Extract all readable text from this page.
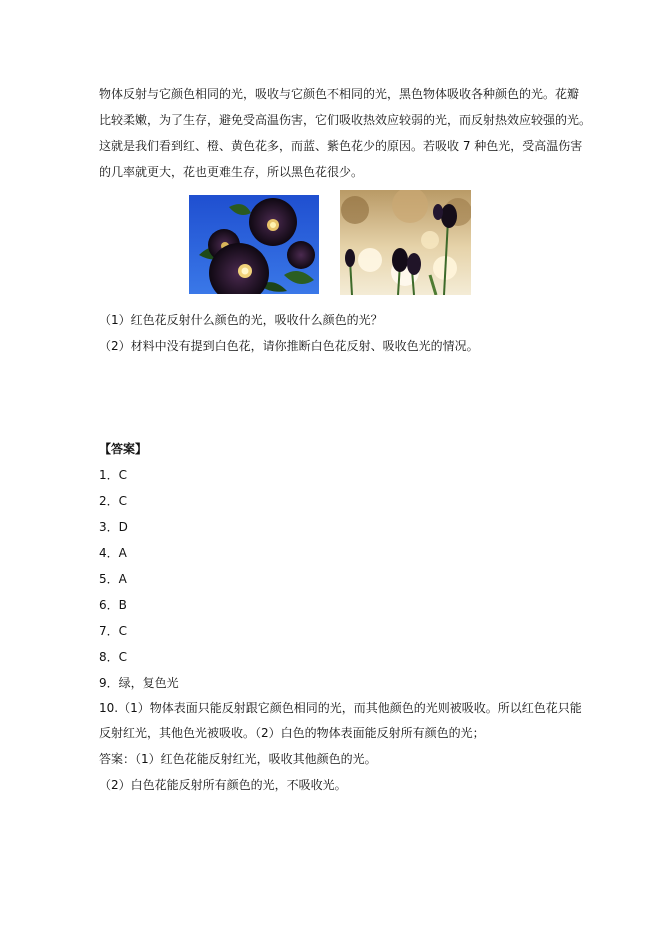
物体反射与它颜色相同的光，吸收与它颜色不相同的光，黑色物体吸收各种颜色的光。花瓣
比较柔嫩，为了生存，避免受高温伤害，它们吸收热效应较弱的光，而反射热效应较强的光。
这就是我们看到红、橙、黄色花多，而蓝、紫色花少的原因。若吸收 7 种色光，受高温伤害
的几率就更大，花也更难生存，所以黑色花很少。
（1）红色花反射什么颜色的光，吸收什么颜色的光？
（2）材料中没有提到白色花，请你推断白色花反射、吸收色光的情况。
【答案】
1．C
2．C
3．D
4．A
5．A
6．B
7．C
8．C
9．绿，复色光
10.（1）物体表面只能反射跟它颜色相同的光，而其他颜色的光则被吸收。所以红色花只能
反射红光，其他色光被吸收。（2）白色的物体表面能反射所有颜色的光；
答案：（1）红色花能反射红光，吸收其他颜色的光。
（2）白色花能反射所有颜色的光，不吸收光。
